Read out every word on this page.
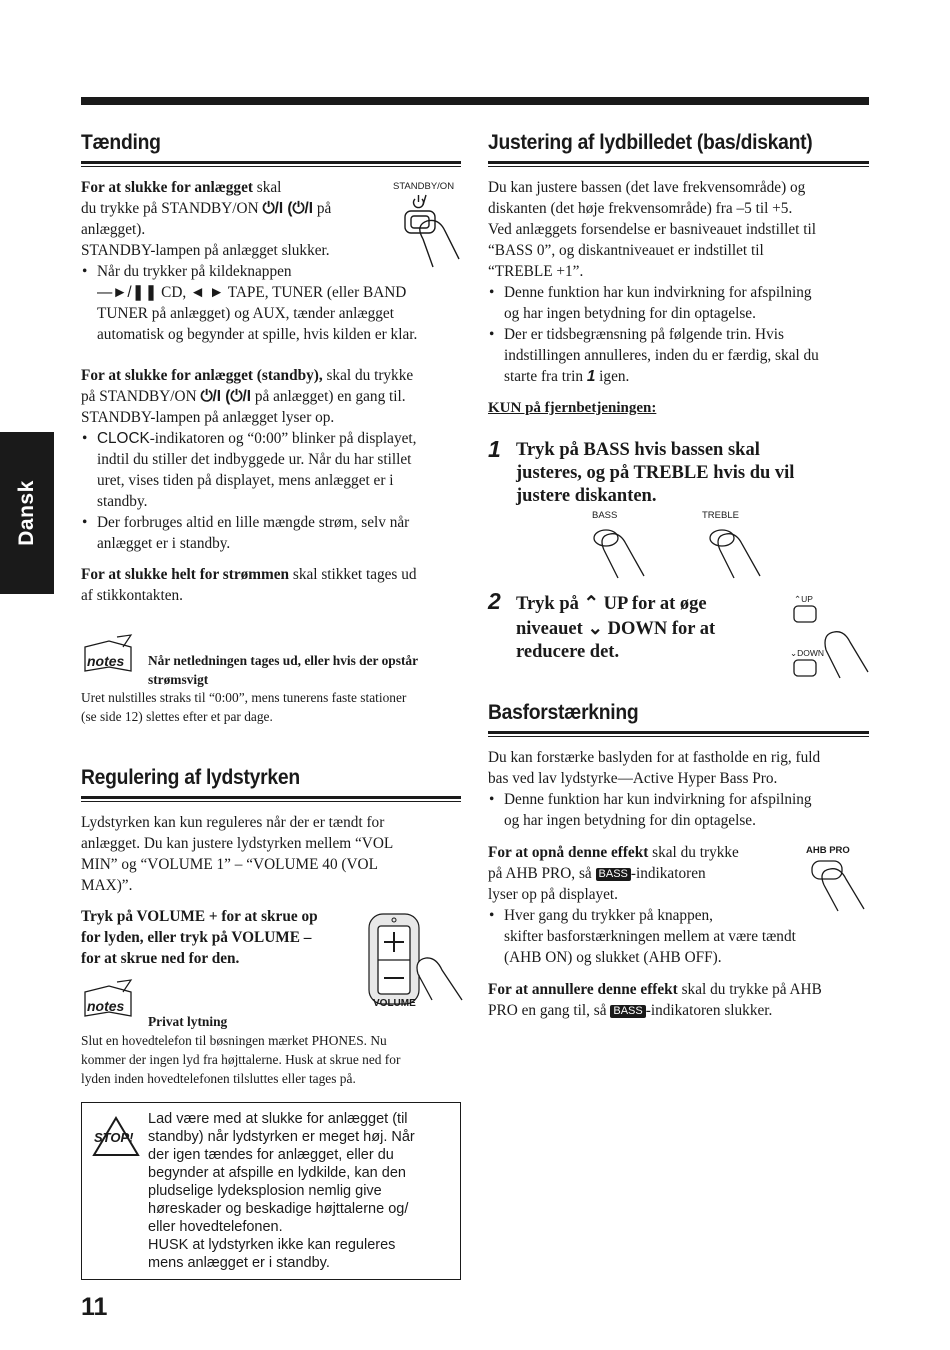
Dansk
Tænding
STANDBY/ON

For at slukke for anlægget skal
du trykke på STANDBY/ON ⏻/I (⏻/I på
anlægget).
STANDBY-lampen på anlægget slukker.

• Når du trykker på kildeknappen
—►/❚❚ CD, ◄ ► TAPE, TUNER (eller BAND
TUNER på anlægget) og AUX, tænder anlægget
automatisk og begynder at spille, hvis kilden er klar.

For at slukke for anlægget (standby), skal du trykke
på STANDBY/ON ⏻/I (⏻/I på anlægget) en gang til.
STANDBY-lampen på anlægget lyser op.

• CLOCK-indikatoren og “0:00” blinker på displayet,
indtil du stiller det indbyggede ur. Når du har stillet
uret, vises tiden på displayet, mens anlægget er i
standby.
• Der forbruges altid en lille mængde strøm, selv når
anlægget er i standby.

For at slukke helt for strømmen skal stikket tages ud
af stikkontakten.

notes Når netledningen tages ud, eller hvis der opstår
strømsvigt

Uret nulstilles straks til “0:00”, mens tunerens faste stationer
(se side 12) slettes efter et par dage.

Regulering af lydstyrken

Lydstyrken kan kun reguleres når der er tændt for
anlægget. Du kan justere lydstyrken mellem “VOL
MIN” og “VOLUME 1” – “VOLUME 40 (VOL
MAX)”.

Tryk på VOLUME + for at skrue op
for lyden, eller tryk på VOLUME –
for at skrue ned for den.

VOLUME
notes

Privat lytning

Slut en hovedtelefon til bøsningen mærket PHONES. Nu
kommer der ingen lyd fra højttalerne. Husk at skrue ned for
lyden inden hovedtelefonen tilsluttes eller tages på.

STOP!

Lad være med at slukke for anlægget (til
standby) når lydstyrken er meget høj. Når
der igen tændes for anlægget, eller du
begynder at afspille en lydkilde, kan den
pludselige lydeksplosion nemlig give
høreskader og beskadige højttalerne og/
eller hovedtelefonen.
HUSK at lydstyrken ikke kan reguleres
mens anlægget er i standby.

11
Justering af lydbilledet (bas/diskant)

Du kan justere bassen (det lave frekvensområde) og
diskanten (det høje frekvensområde) fra –5 til +5.
Ved anlæggets forsendelse er basniveauet indstillet til
“BASS 0”, og diskantniveauet er indstillet til
“TREBLE +1”.

• Denne funktion har kun indvirkning for afspilning
og har ingen betydning for din optagelse.
• Der er tidsbegrænsning på følgende trin. Hvis
indstillingen annulleres, inden du er færdig, skal du
starte fra trin 1 igen.

KUN på fjernbetjeningen:

1 Tryk på BASS hvis bassen skal
justeres, og på TREBLE hvis du vil
justere diskanten.
BASS	TREBLE
2 Tryk på ⌃ UP for at øge
niveauet ⌄ DOWN for at
reducere det.
⌃UP
⌄DOWN
Basforstærkning

Du kan forstærke baslyden for at fastholde en rig, fuld
bas ved lav lydstyrke—Active Hyper Bass Pro.

• Denne funktion har kun indvirkning for afspilning
og har ingen betydning for din optagelse.

For at opnå denne effekt skal du trykke
på AHB PRO, så BASS -indikatoren
lyser op på displayet.

• Hver gang du trykker på knappen,
skifter basforstærkningen mellem at være tændt
(AHB ON) og slukket (AHB OFF).

For at annullere denne effekt skal du trykke på AHB
PRO en gang til, så BASS -indikatoren slukker.

AHB PRO
